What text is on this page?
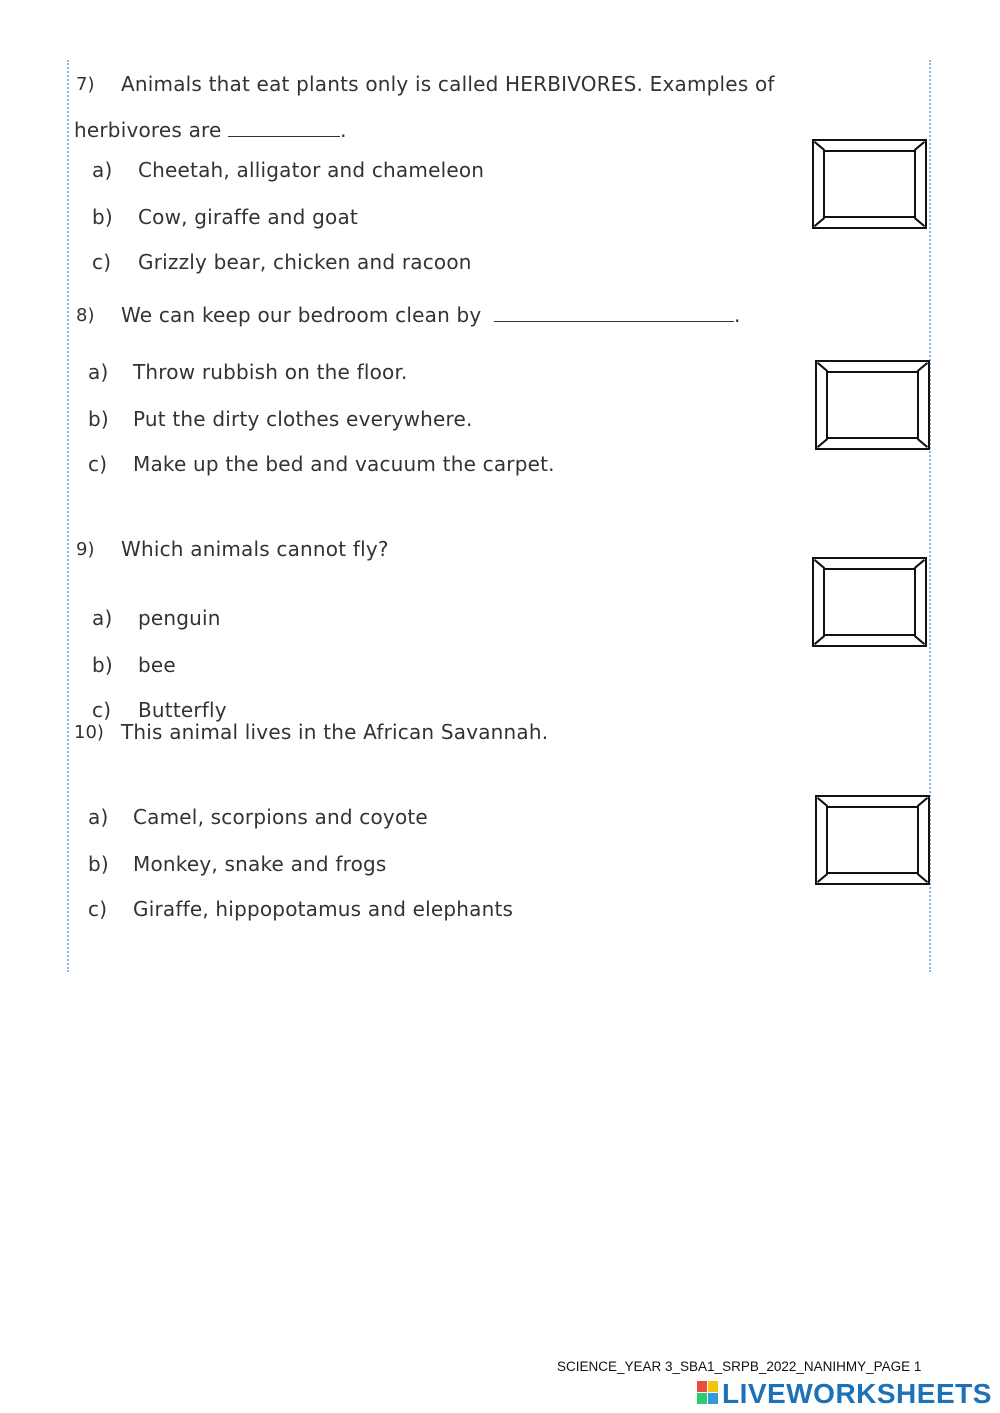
7) Animals that eat plants only is called HERBIVORES. Examples of
herbivores are	.
a) Cheetah, alligator and chameleon
b) Cow, giraffe and goat
c) Grizzly bear, chicken and racoon
8) We can keep our bedroom clean by	.
a) Throw rubbish on the floor.
b) Put the dirty clothes everywhere.
c) Make up the bed and vacuum the carpet.
9) Which animals cannot fly?
a) penguin
b) bee
c) Butterfly
10) This animal lives in the African Savannah.
a) Camel, scorpions and coyote
b) Monkey, snake and frogs
c) Giraffe, hippopotamus and elephants
SCIENCE_YEAR 3_SBA1_SRPB_2022_NANIHMY_PAGE 1
LIVEWORKSHEETS
